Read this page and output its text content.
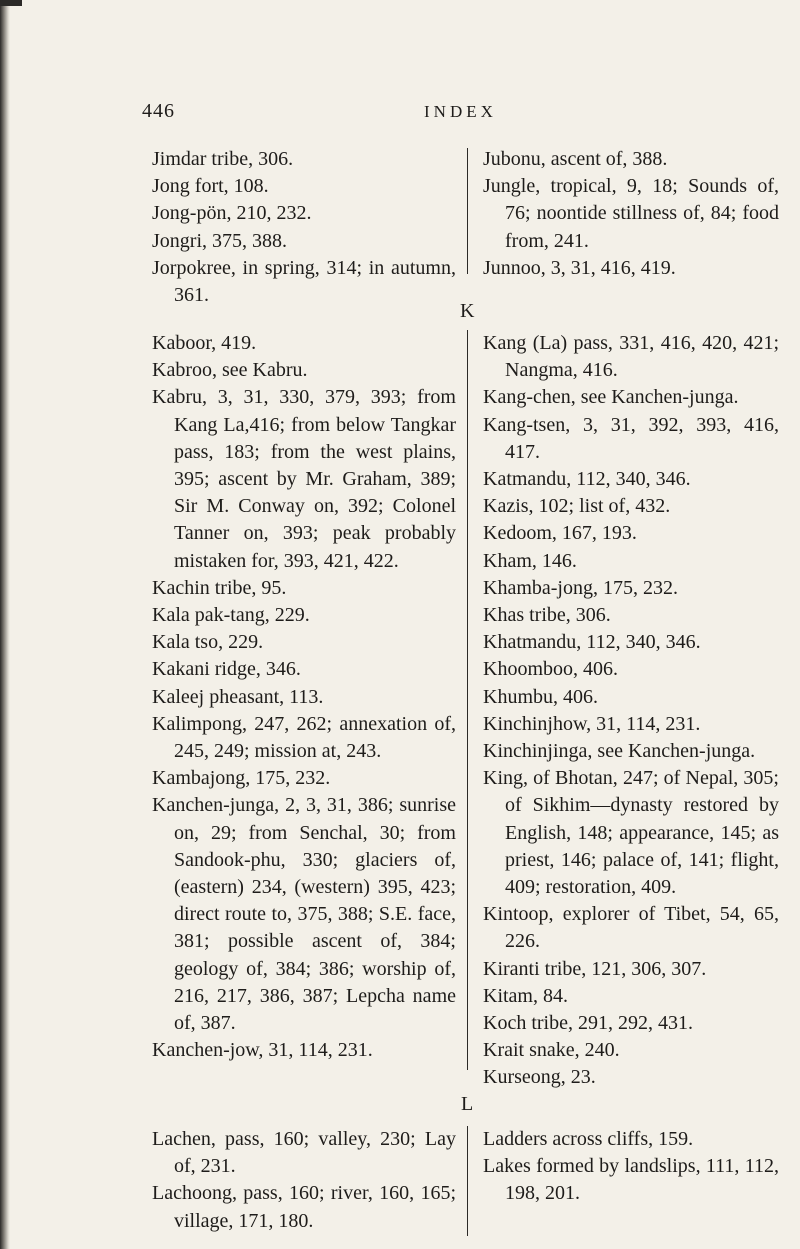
446	INDEX
Jimdar tribe, 306.
Jong fort, 108.
Jong-pön, 210, 232.
Jongri, 375, 388.
Jorpokree, in spring, 314; in autumn, 361.
Jubonu, ascent of, 388.
Jungle, tropical, 9, 18; Sounds of, 76; noontide stillness of, 84; food from, 241.
Junnoo, 3, 31, 416, 419.
K
Kaboor, 419.
Kabroo, see Kabru.
Kabru, 3, 31, 330, 379, 393; from Kang La,416; from below Tangkar pass, 183; from the west plains, 395; ascent by Mr. Graham, 389; Sir M. Conway on, 392; Colonel Tanner on, 393; peak probably mistaken for, 393, 421, 422.
Kachin tribe, 95.
Kala pak-tang, 229.
Kala tso, 229.
Kakani ridge, 346.
Kaleej pheasant, 113.
Kalimpong, 247, 262; annexation of, 245, 249; mission at, 243.
Kambajong, 175, 232.
Kanchen-junga, 2, 3, 31, 386; sunrise on, 29; from Senchal, 30; from Sandook-phu, 330; glaciers of, (eastern) 234, (western) 395, 423; direct route to, 375, 388; S.E. face, 381; possible ascent of, 384; geology of, 384; 386; worship of, 216, 217, 386, 387; Lepcha name of, 387.
Kanchen-jow, 31, 114, 231.
Kang (La) pass, 331, 416, 420, 421; Nangma, 416.
Kang-chen, see Kanchen-junga.
Kang-tsen, 3, 31, 392, 393, 416, 417.
Katmandu, 112, 340, 346.
Kazis, 102; list of, 432.
Kedoom, 167, 193.
Kham, 146.
Khamba-jong, 175, 232.
Khas tribe, 306.
Khatmandu, 112, 340, 346.
Khoomboo, 406.
Khumbu, 406.
Kinchinjhow, 31, 114, 231.
Kinchinjinga, see Kanchen-junga.
King, of Bhotan, 247; of Nepal, 305; of Sikhim—dynasty restored by English, 148; appearance, 145; as priest, 146; palace of, 141; flight, 409; restoration, 409.
Kintoop, explorer of Tibet, 54, 65, 226.
Kiranti tribe, 121, 306, 307.
Kitam, 84.
Koch tribe, 291, 292, 431.
Krait snake, 240.
Kurseong, 23.
L
Lachen, pass, 160; valley, 230; Lay of, 231.
Lachoong, pass, 160; river, 160, 165; village, 171, 180.
Ladders across cliffs, 159.
Lakes formed by landslips, 111, 112, 198, 201.
